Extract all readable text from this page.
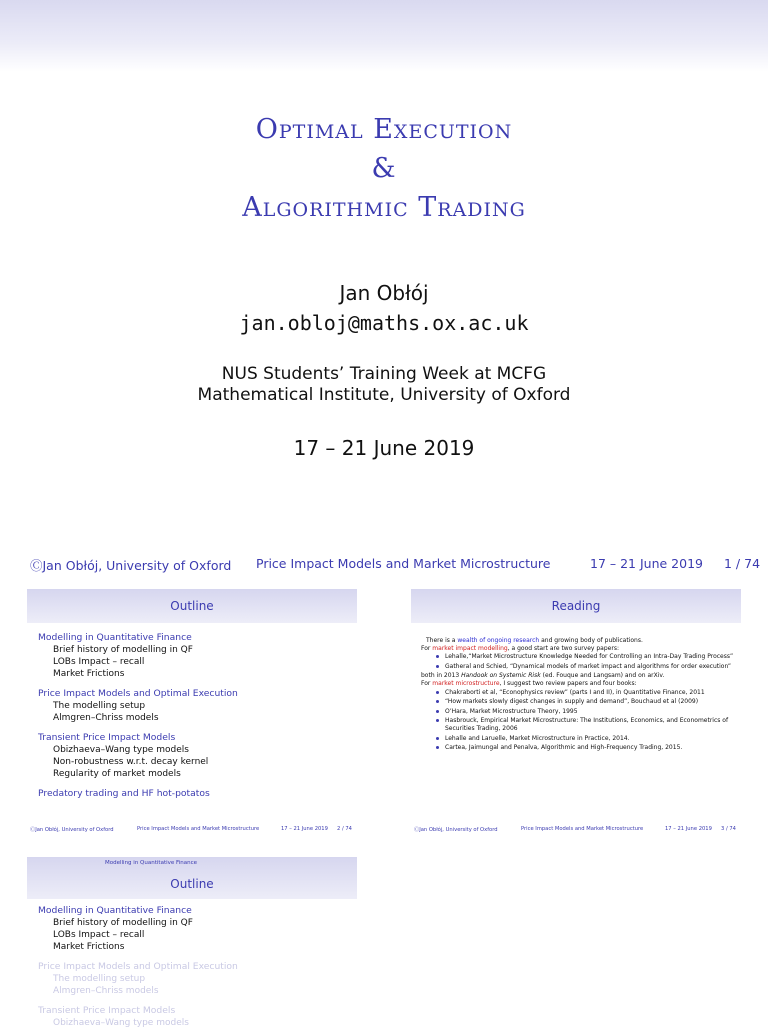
Optimal Execution
&
Algorithmic Trading
Jan Obłój
jan.obloj@maths.ox.ac.uk
NUS Students’ Training Week at MCFG
Mathematical Institute, University of Oxford
17 – 21 June 2019
ⒸJan Obłój, University of Oxford Price Impact Models and Market Microstructure	17 – 21 June 2019 1 / 74
Outline
Modelling in Quantitative Finance
Brief history of modelling in QF
LOBs Impact – recall
Market Frictions
Price Impact Models and Optimal Execution
The modelling setup
Almgren–Chriss models
Transient Price Impact Models
Obizhaeva–Wang type models
Non-robustness w.r.t. decay kernel
Regularity of market models
Predatory trading and HF hot-potatos
ⒸJan Obłój, University of Oxford	Price Impact Models and Market Microstructure	17 – 21 June 2019 2 / 74
Reading
There is a wealth of ongoing research and growing body of publications.
For market impact modelling, a good start are two survey papers:
Lehalle,“Market Microstructure Knowledge Needed for Controlling an Intra-Day Trading Process”
Gatheral and Schied, “Dynamical models of market impact and algorithms for order execution”
both in 2013 Handook on Systemic Risk (ed. Fouque and Langsam) and on arXiv.
For market microstructure, I suggest two review papers and four books:
Chakraborti et al, “Econophysics review” (parts I and II), in Quantitative Finance, 2011
“How markets slowly digest changes in supply and demand”, Bouchaud et al (2009)
O’Hara, Market Microstructure Theory, 1995
Hasbrouck, Empirical Market Microstructure: The Institutions, Economics, and Econometrics of Securities Trading, 2006
Lehalle and Laruelle, Market Microstructure in Practice, 2014.
Cartea, Jaimungal and Penalva, Algorithmic and High-Frequency Trading, 2015.
ⒸJan Obłój, University of Oxford	Price Impact Models and Market Microstructure	17 – 21 June 2019 3 / 74
Modelling in Quantitative Finance
Outline
Modelling in Quantitative Finance
Brief history of modelling in QF
LOBs Impact – recall
Market Frictions
Price Impact Models and Optimal Execution
The modelling setup
Almgren–Chriss models
Transient Price Impact Models
Obizhaeva–Wang type models
